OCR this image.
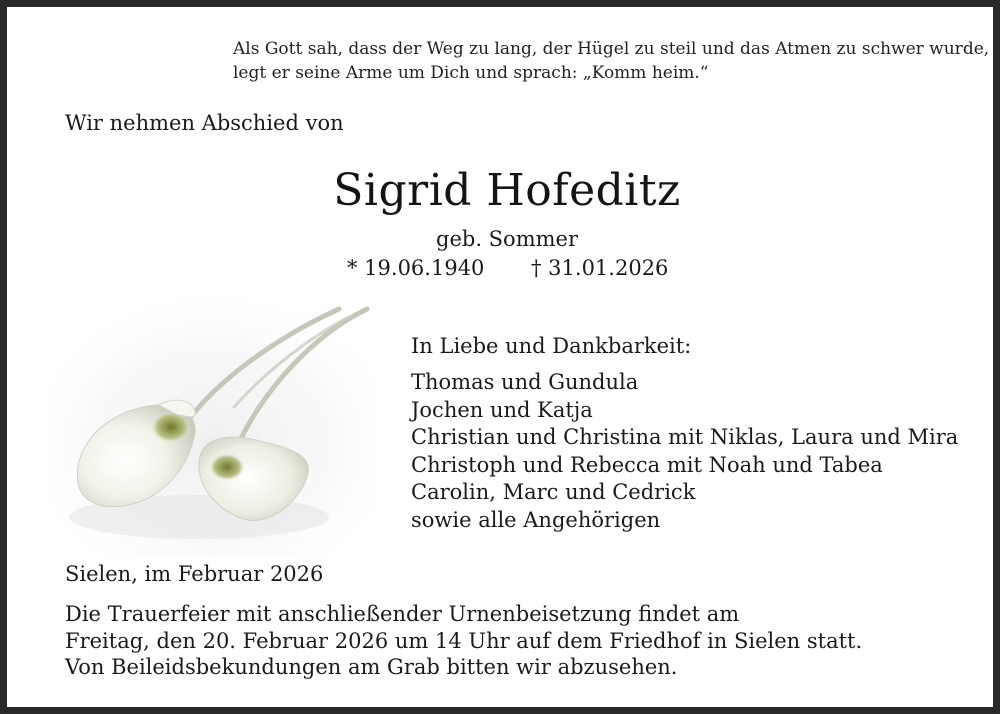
Als Gott sah, dass der Weg zu lang, der Hügel zu steil und das Atmen zu schwer wurde,
legt er seine Arme um Dich und sprach: „Komm heim.“
Wir nehmen Abschied von
Sigrid Hofeditz
geb. Sommer
* 19.06.1940 † 31.01.2026
In Liebe und Dankbarkeit:
Thomas und Gundula
Jochen und Katja
Christian und Christina mit Niklas, Laura und Mira
Christoph und Rebecca mit Noah und Tabea
Carolin, Marc und Cedrick
sowie alle Angehörigen
Sielen, im Februar 2026
Die Trauerfeier mit anschließender Urnenbeisetzung findet am
Freitag, den 20. Februar 2026 um 14 Uhr auf dem Friedhof in Sielen statt.
Von Beileidsbekundungen am Grab bitten wir abzusehen.
